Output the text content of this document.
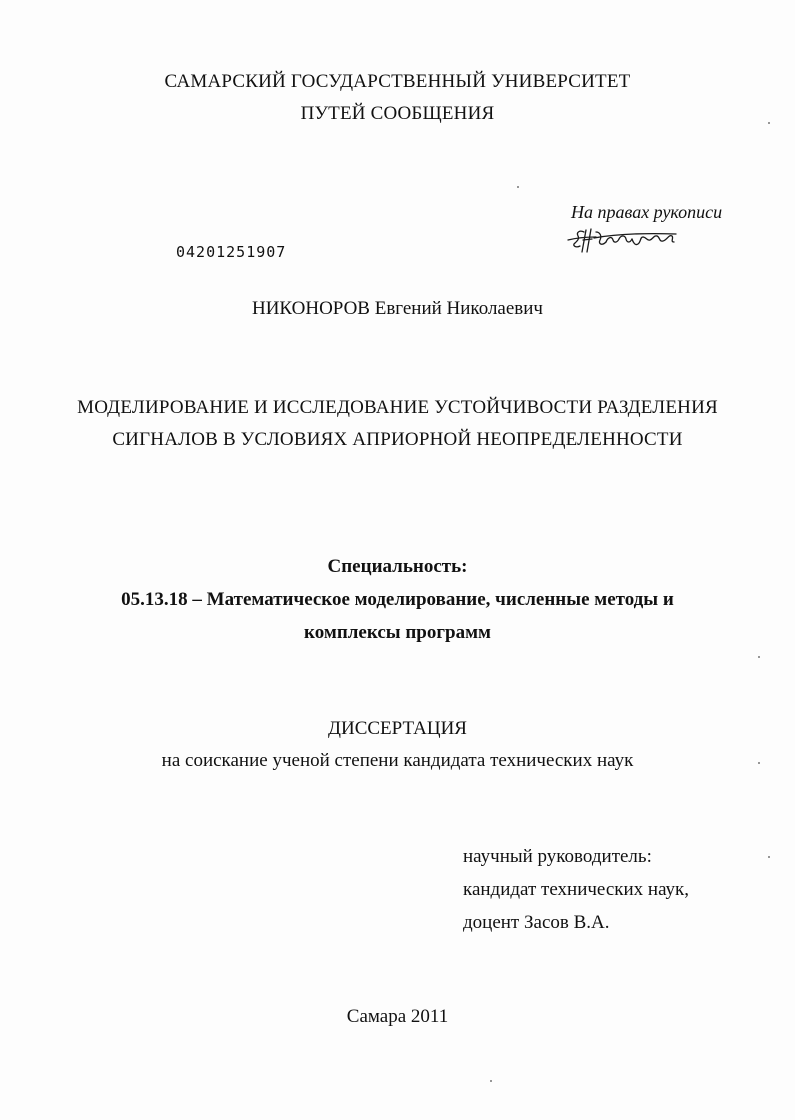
САМАРСКИЙ ГОСУДАРСТВЕННЫЙ УНИВЕРСИТЕТ
ПУТЕЙ СООБЩЕНИЯ
На правах рукописи
04201251907
НИКОНОРОВ Евгений Николаевич
МОДЕЛИРОВАНИЕ И ИССЛЕДОВАНИЕ УСТОЙЧИВОСТИ РАЗДЕЛЕНИЯ
СИГНАЛОВ В УСЛОВИЯХ АПРИОРНОЙ НЕОПРЕДЕЛЕННОСТИ
Специальность:
05.13.18 – Математическое моделирование, численные методы и
комплексы программ
ДИССЕРТАЦИЯ
на соискание ученой степени кандидата технических наук
научный руководитель:
кандидат технических наук,
доцент Засов В.А.
Самара 2011
